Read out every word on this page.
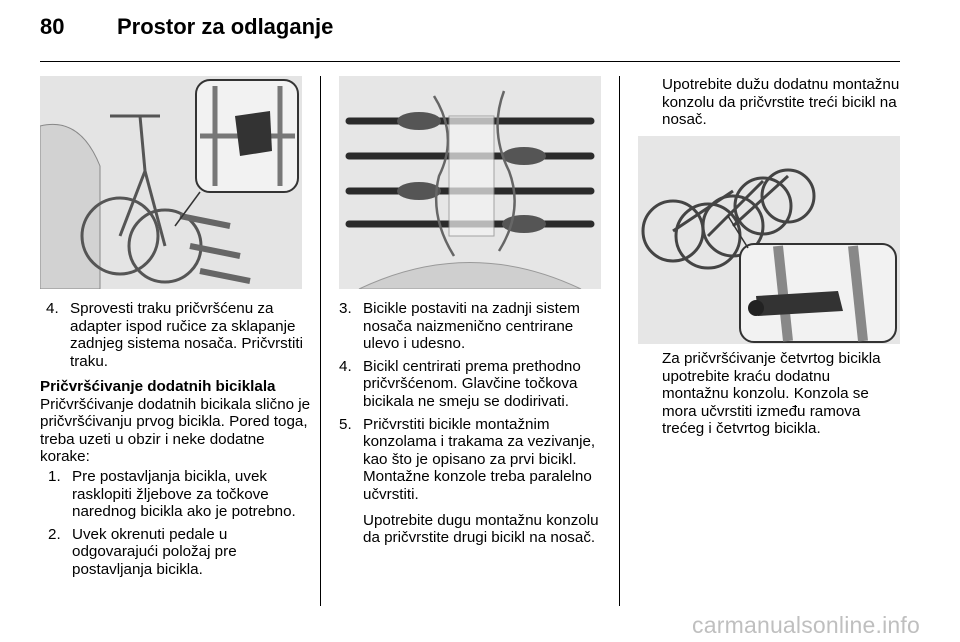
80 Prostor za odlaganje
4. Sprovesti traku pričvršćenu za adapter ispod ručice za sklapanje zadnjeg sistema nosača. Pričvrstiti traku.

Pričvršćivanje dodatnih biciklala

Pričvršćivanje dodatnih bicikala slično je pričvršćivanju prvog bicikla. Pored toga, treba uzeti u obzir i neke dodatne korake:

1. Pre postavljanja bicikla, uvek rasklopiti žljebove za točkove narednog bicikla ako je potrebno.
2. Uvek okrenuti pedale u odgovarajući položaj pre postavljanja bicikla.
3. Bicikle postaviti na zadnji sistem nosača naizmenično centrirane ulevo i udesno.
4. Bicikl centrirati prema prethodno pričvršćenom. Glavčine točkova bicikala ne smeju se dodirivati.
5. Pričvrstiti bicikle montažnim konzolama i trakama za vezivanje, kao što je opisano za prvi bicikl. Montažne konzole treba paralelno učvrstiti.

Upotrebite dugu montažnu konzolu da pričvrstite drugi bicikl na nosač.

Upotrebite dužu dodatnu montažnu konzolu da pričvrstite treći bicikl na nosač.

Za pričvršćivanje četvrtog bicikla upotrebite kraću dodatnu montažnu konzolu. Konzola se mora učvrstiti između ramova trećeg i četvrtog bicikla.

carmanualsonline.info
